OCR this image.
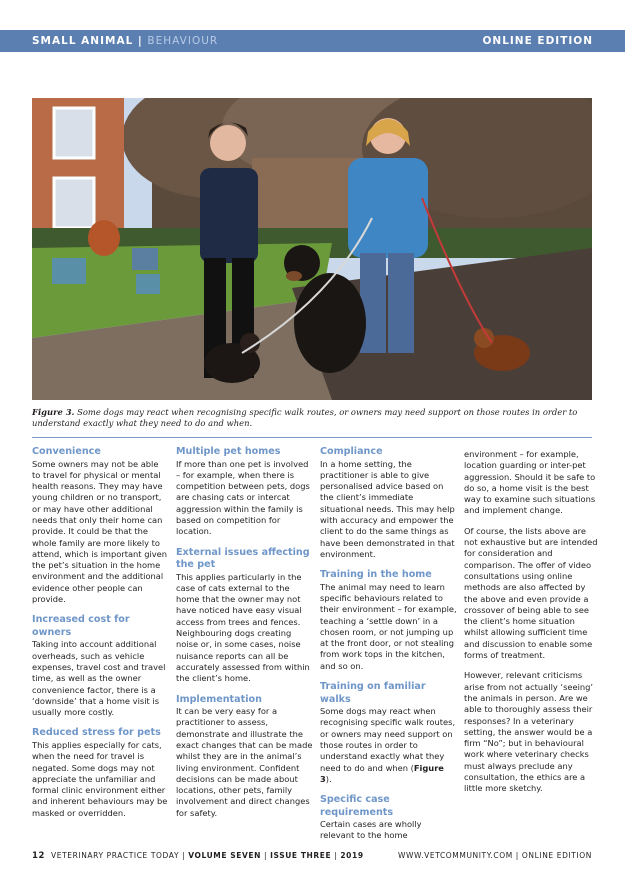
SMALL ANIMAL | BEHAVIOUR	ONLINE EDITION
Figure 3. Some dogs may react when recognising specific walk routes, or owners may need support on those routes in order to understand exactly what they need to do and when.
Convenience

Some owners may not be able to travel for physical or mental health reasons. They may have young children or no transport, or may have other additional needs that only their home can provide. It could be that the whole family are more likely to attend, which is important given the pet’s situation in the home environment and the additional evidence other people can provide.

Increased cost for owners

Taking into account additional overheads, such as vehicle expenses, travel cost and travel time, as well as the owner convenience factor, there is a ‘downside’ that a home visit is usually more costly.

Reduced stress for pets

This applies especially for cats, when the need for travel is negated. Some dogs may not appreciate the unfamiliar and formal clinic environment either and inherent behaviours may be masked or overridden.

Multiple pet homes

If more than one pet is involved – for example, when there is competition between pets, dogs are chasing cats or intercat aggression within the family is based on competition for location.

External issues affecting the pet

This applies particularly in the case of cats external to the home that the owner may not have noticed have easy visual access from trees and fences. Neighbouring dogs creating noise or, in some cases, noise nuisance reports can all be accurately assessed from within the client’s home.

Implementation

It can be very easy for a practitioner to assess, demonstrate and illustrate the exact changes that can be made whilst they are in the animal’s living environment. Confident decisions can be made about locations, other pets, family involvement and direct changes for safety.

Compliance

In a home setting, the practitioner is able to give personalised advice based on the client’s immediate situational needs. This may help with accuracy and empower the client to do the same things as have been demonstrated in that environment.

Training in the home

The animal may need to learn specific behaviours related to their environment – for example, teaching a ‘settle down’ in a chosen room, or not jumping up at the front door, or not stealing from work tops in the kitchen, and so on.

Training on familiar walks

Some dogs may react when recognising specific walk routes, or owners may need support on those routes in order to understand exactly what they need to do and when (Figure 3).

Specific case requirements

Certain cases are wholly relevant to the home

environment – for example, location guarding or inter-pet aggression. Should it be safe to do so, a home visit is the best way to examine such situations and implement change.

Of course, the lists above are not exhaustive but are intended for consideration and comparison. The offer of video consultations using online methods are also affected by the above and even provide a crossover of being able to see the client’s home situation whilst allowing sufficient time and discussion to enable some forms of treatment.

However, relevant criticisms arise from not actually ‘seeing’ the animals in person. Are we able to thoroughly assess their responses? In a veterinary setting, the answer would be a firm “No”; but in behavioural work where veterinary checks must always preclude any consultation, the ethics are a little more sketchy.

12 VETERINARY PRACTICE TODAY | VOLUME SEVEN | ISSUE THREE | 2019	WWW.VETCOMMUNITY.COM | ONLINE EDITION
